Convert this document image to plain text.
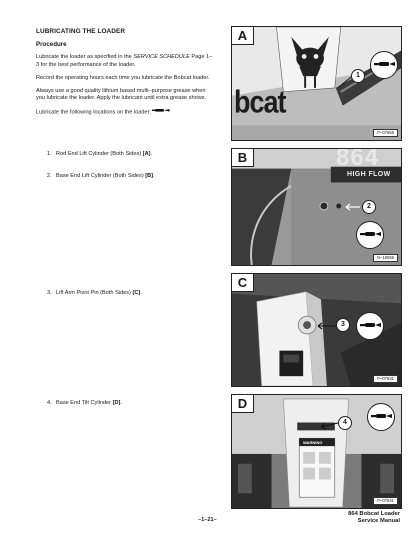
LUBRICATING THE LOADER
Procedure
Lubricate the loader as specified in the SERVICE SCHEDULE Page 1–3 for the best performance of the loader.
Record the operating hours each time you lubricate the Bobcat loader.
Always use a good quality lithium based multi–purpose grease when you lubricate the loader. Apply the lubricant until extra grease shows.
Lubricate the following locations on the loader:
1. Rod End Lift Cylinder (Both Sides) [A].
2. Base End Lift Cylinder (Both Sides) [B].
3. Lift Arm Pivot Pin (Both Sides) [C].
4. Base End Tilt Cylinder [D].
bcat
A
1
P–07655
864
HIGH FLOW
B
2
N–18068
C
3
P–07631
WARNING
D
4
P–07641
–1–21–
864 Bobcat Loader
Service Manual
